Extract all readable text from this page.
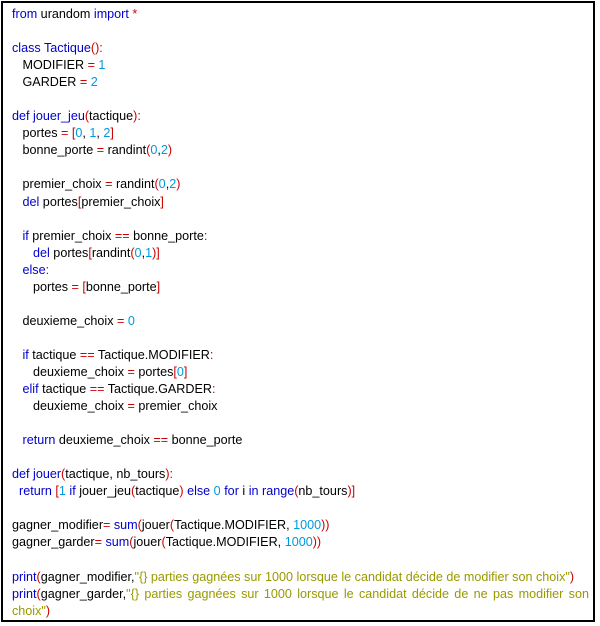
from urandom import *

class Tactique():
MODIFIER = 1
GARDER = 2

def jouer_jeu(tactique):
portes = [0, 1, 2]
bonne_porte = randint(0,2)

premier_choix = randint(0,2)
del portes[premier_choix]

if premier_choix == bonne_porte:
del portes[randint(0,1)]
else:
portes = [bonne_porte]

deuxieme_choix = 0

if tactique == Tactique.MODIFIER:
deuxieme_choix = portes[0]
elif tactique == Tactique.GARDER:
deuxieme_choix = premier_choix

return deuxieme_choix == bonne_porte

def jouer(tactique, nb_tours):
return [1 if jouer_jeu(tactique) else 0 for i in range(nb_tours)]

gagner_modifier= sum(jouer(Tactique.MODIFIER, 1000))
gagner_garder= sum(jouer(Tactique.MODIFIER, 1000))

print(gagner_modifier,"{} parties gagnées sur 1000 lorsque le candidat décide de modifier son choix")
print(gagner_garder,"{} parties gagnées sur 1000 lorsque le candidat décide de ne pas modifier son choix")
